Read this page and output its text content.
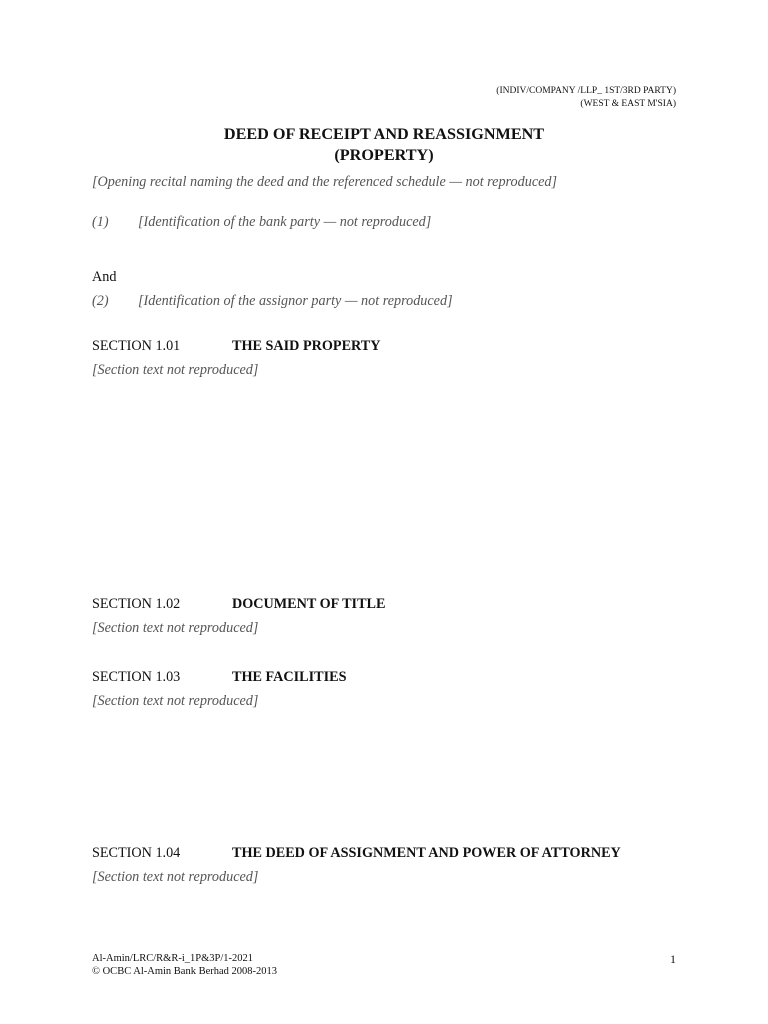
(INDIV/COMPANY /LLP_ 1ST/3RD PARTY)
(WEST & EAST M'SIA)
DEED OF RECEIPT AND REASSIGNMENT
(PROPERTY)
[Opening recital naming the deed and the referenced schedule — not reproduced]
(1) [Identification of the bank party — not reproduced]
And
(2) [Identification of the assignor party — not reproduced]
SECTION 1.01	THE SAID PROPERTY
[Section text not reproduced]
SECTION 1.02	DOCUMENT OF TITLE
[Section text not reproduced]
SECTION 1.03	THE FACILITIES
[Section text not reproduced]
SECTION 1.04	THE DEED OF ASSIGNMENT AND POWER OF ATTORNEY
[Section text not reproduced]
Al-Amin/LRC/R&R-i_1P&3P/1-2021
© OCBC Al-Amin Bank Berhad 2008-2013
1
